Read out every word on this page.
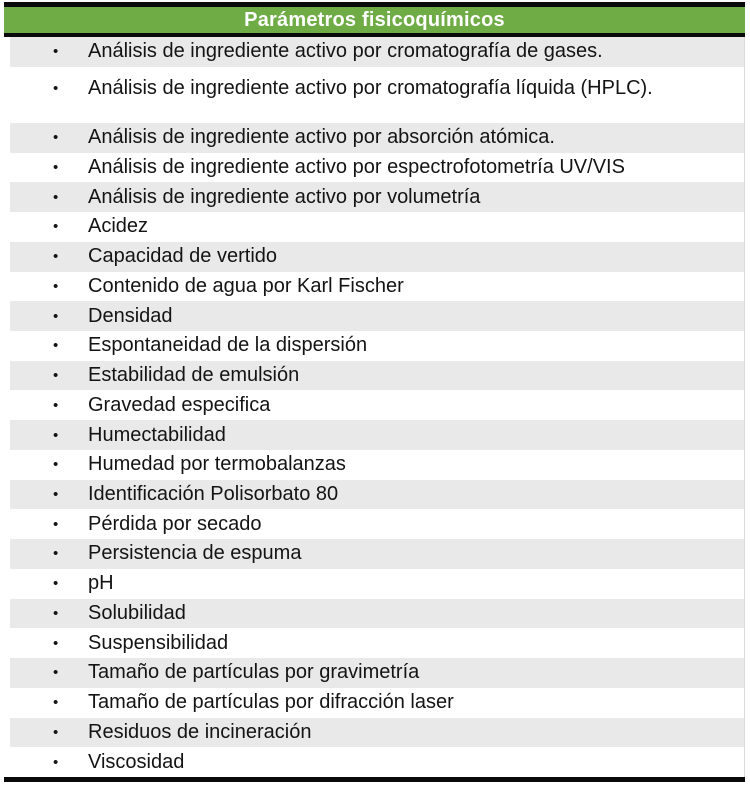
Parámetros fisicoquímicos
•	Análisis de ingrediente activo por cromatografía de gases.
•	Análisis de ingrediente activo por cromatografía líquida (HPLC).
•	Análisis de ingrediente activo por absorción atómica.
•	Análisis de ingrediente activo por espectrofotometría UV/VIS
•	Análisis de ingrediente activo por volumetría
•	Acidez
•	Capacidad de vertido
•	Contenido de agua por Karl Fischer
•	Densidad
•	Espontaneidad de la dispersión
•	Estabilidad de emulsión
•	Gravedad especifica
•	Humectabilidad
•	Humedad por termobalanzas
•	Identificación Polisorbato 80
•	Pérdida por secado
•	Persistencia de espuma
•	pH
•	Solubilidad
•	Suspensibilidad
•	Tamaño de partículas por gravimetría
•	Tamaño de partículas por difracción laser
•	Residuos de incineración
•	Viscosidad
